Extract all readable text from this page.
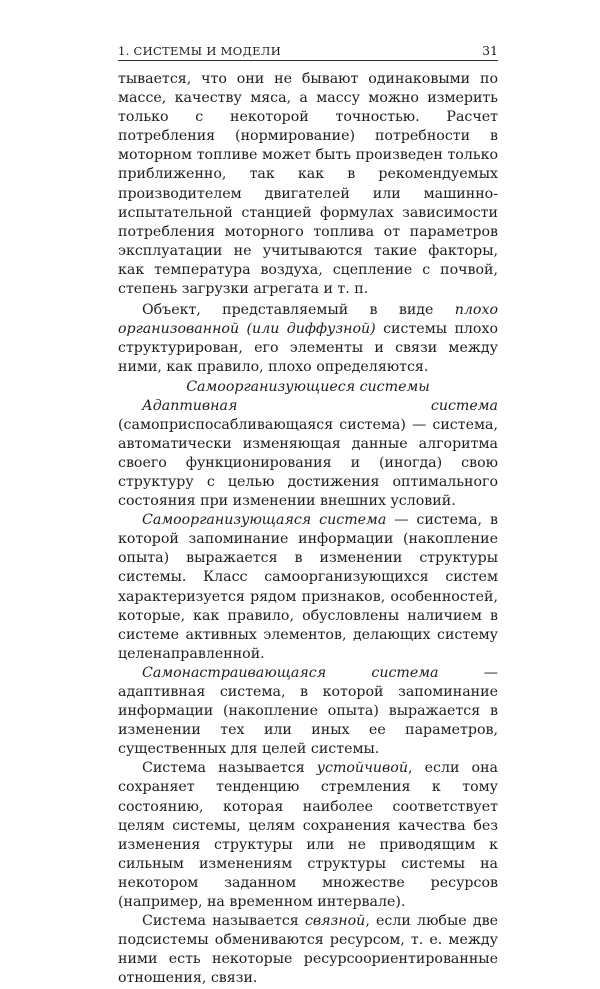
1. СИСТЕМЫ И МОДЕЛИ	31

тывается, что они не бывают одинаковыми по массе, качеству мяса, а массу можно измерить только с некоторой точностью. Расчет потребления (нормирование) потребности в моторном топливе может быть произведен только приближенно, так как в рекомендуемых производителем двигателей или машинно-испытательной станцией формулах зависимости потребления моторного топлива от параметров эксплуатации не учитываются такие факторы, как температура воздуха, сцепление с почвой, степень загрузки агрегата и т. п.

Объект, представляемый в виде плохо организованной (или диффузной) системы плохо структурирован, его элементы и связи между ними, как правило, плохо определяются.

Самоорганизующиеся системы

Адаптивная система (самоприспосабливающаяся система) — система, автоматически изменяющая данные алгоритма своего функционирования и (иногда) свою структуру с целью достижения оптимального состояния при изменении внешних условий.

Самоорганизующаяся система — система, в которой запоминание информации (накопление опыта) выражается в изменении структуры системы. Класс самоорганизующихся систем характеризуется рядом признаков, особенностей, которые, как правило, обусловлены наличием в системе активных элементов, делающих систему целенаправленной.

Самонастраивающаяся система — адаптивная система, в которой запоминание информации (накопление опыта) выражается в изменении тех или иных ее параметров, существенных для целей системы.

Система называется устойчивой, если она сохраняет тенденцию стремления к тому состоянию, которая наиболее соответствует целям системы, целям сохранения качества без изменения структуры или не приводящим к сильным изменениям структуры системы на некотором заданном множестве ресурсов (например, на временном интервале).

Система называется связной, если любые две подсистемы обмениваются ресурсом, т. е. между ними есть некоторые ресурсоориентированные отношения, связи.
